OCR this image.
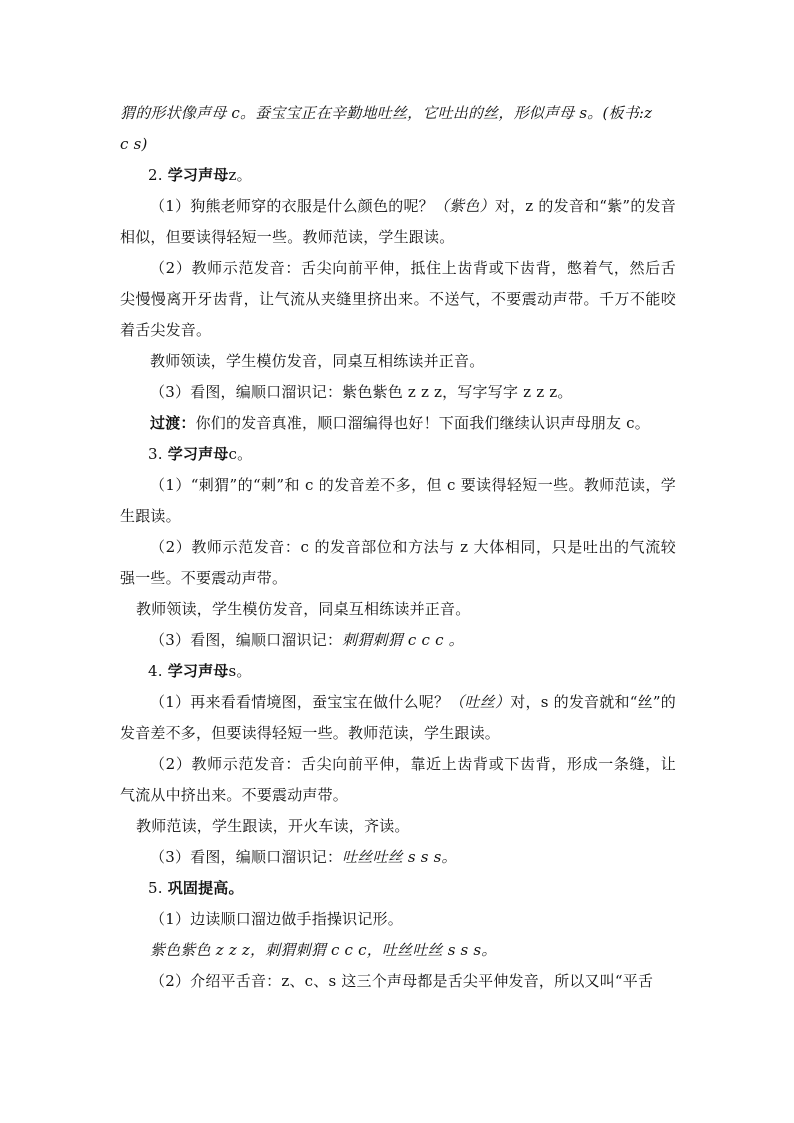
猬的形状像声母 c。蚕宝宝正在辛勤地吐丝，它吐出的丝，形似声母 s。(板书:z
c s)

2. 学习声母z。

（1）狗熊老师穿的衣服是什么颜色的呢？（紫色）对，z 的发音和“紫”的发音相似，但要读得轻短一些。教师范读，学生跟读。

（2）教师示范发音：舌尖向前平伸，抵住上齿背或下齿背，憋着气，然后舌尖慢慢离开牙齿背，让气流从夹缝里挤出来。不送气，不要震动声带。千万不能咬着舌尖发音。

教师领读，学生模仿发音，同桌互相练读并正音。

（3）看图，编顺口溜识记：紫色紫色 z z z，写字写字 z z z。

过渡：你们的发音真准，顺口溜编得也好！下面我们继续认识声母朋友 c。

3. 学习声母c。

（1）“刺猬”的“刺”和 c 的发音差不多，但 c 要读得轻短一些。教师范读，学生跟读。

（2）教师示范发音：c 的发音部位和方法与 z 大体相同，只是吐出的气流较强一些。不要震动声带。

教师领读，学生模仿发音，同桌互相练读并正音。

（3）看图，编顺口溜识记：刺猬刺猬 c c c 。

4. 学习声母s。

（1）再来看看情境图，蚕宝宝在做什么呢？（吐丝）对，s 的发音就和“丝”的发音差不多，但要读得轻短一些。教师范读，学生跟读。

（2）教师示范发音：舌尖向前平伸，靠近上齿背或下齿背，形成一条缝，让气流从中挤出来。不要震动声带。

教师范读，学生跟读，开火车读，齐读。

（3）看图，编顺口溜识记：吐丝吐丝 s s s。

5. 巩固提高。

（1）边读顺口溜边做手指操识记形。

紫色紫色 z z z，刺猬刺猬 c c c，吐丝吐丝 s s s。

（2）介绍平舌音：z、c、s 这三个声母都是舌尖平伸发音，所以又叫“平舌
